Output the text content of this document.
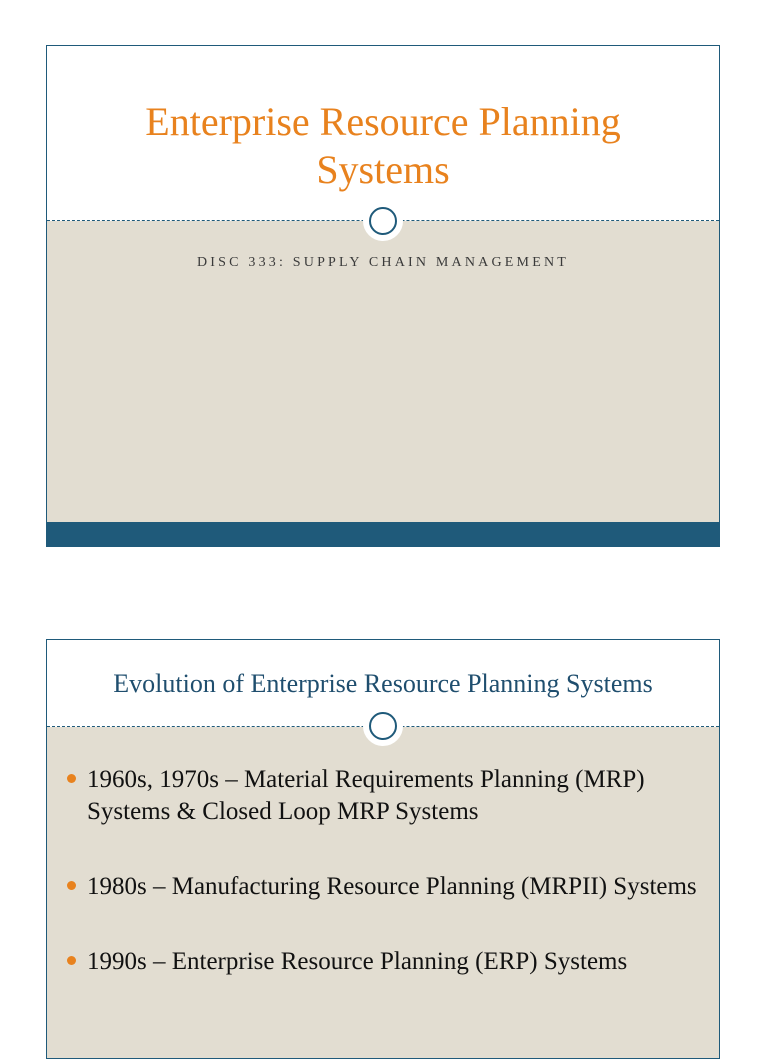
Enterprise Resource Planning Systems
DISC 333: SUPPLY CHAIN MANAGEMENT
Evolution of Enterprise Resource Planning Systems
1960s, 1970s – Material Requirements Planning (MRP) Systems & Closed Loop MRP Systems
1980s – Manufacturing Resource Planning (MRPII) Systems
1990s – Enterprise Resource Planning (ERP) Systems
